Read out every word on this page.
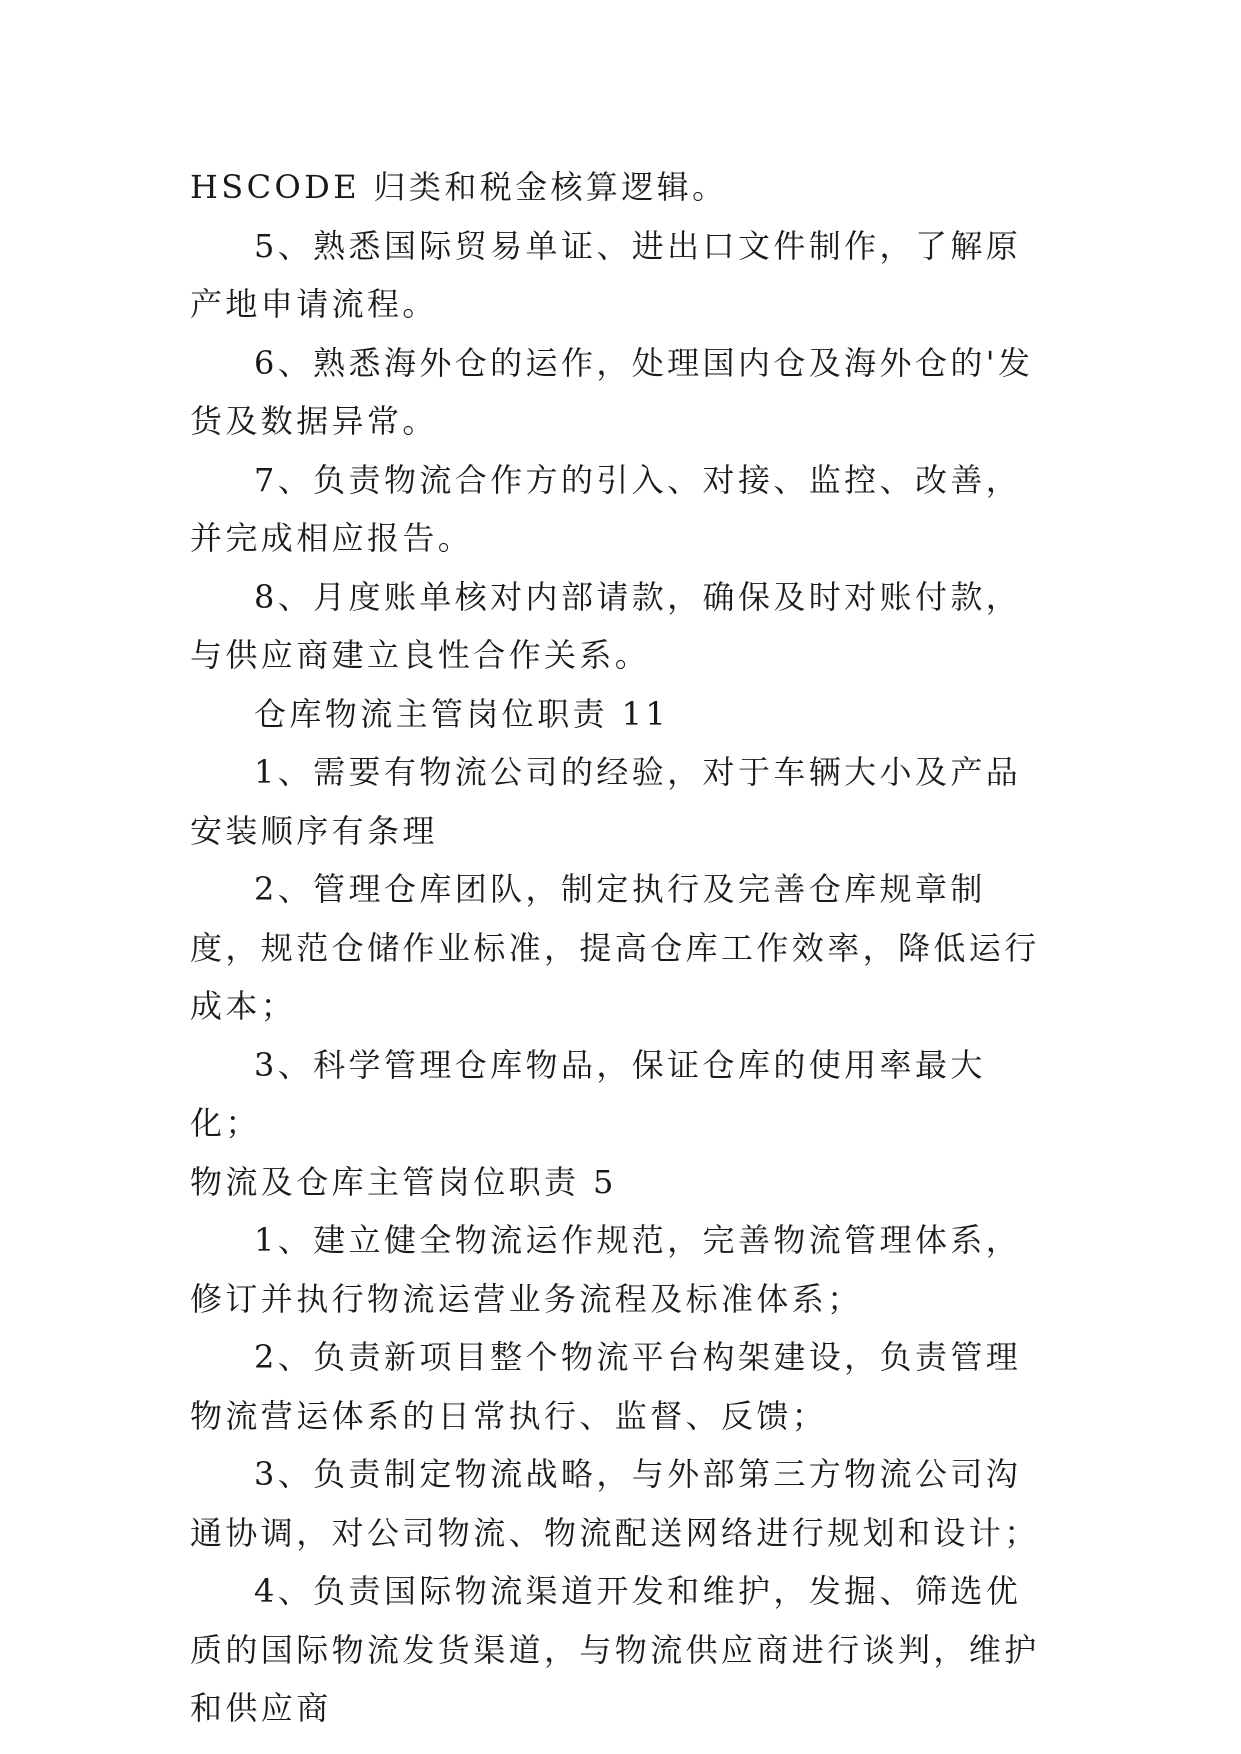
HSCODE 归类和税金核算逻辑。

5、熟悉国际贸易单证、进出口文件制作，了解原产地申请流程。

6、熟悉海外仓的运作，处理国内仓及海外仓的'发货及数据异常。

7、负责物流合作方的引入、对接、监控、改善，并完成相应报告。

8、月度账单核对内部请款，确保及时对账付款，与供应商建立良性合作关系。

仓库物流主管岗位职责 11

1、需要有物流公司的经验，对于车辆大小及产品安装顺序有条理

2、管理仓库团队，制定执行及完善仓库规章制度，规范仓储作业标准，提高仓库工作效率，降低运行成本；

3、科学管理仓库物品，保证仓库的使用率最大化；

物流及仓库主管岗位职责 5

1、建立健全物流运作规范，完善物流管理体系，修订并执行物流运营业务流程及标准体系；

2、负责新项目整个物流平台构架建设，负责管理物流营运体系的日常执行、监督、反馈；

3、负责制定物流战略，与外部第三方物流公司沟通协调，对公司物流、物流配送网络进行规划和设计；

4、负责国际物流渠道开发和维护，发掘、筛选优质的国际物流发货渠道，与物流供应商进行谈判，维护和供应商
